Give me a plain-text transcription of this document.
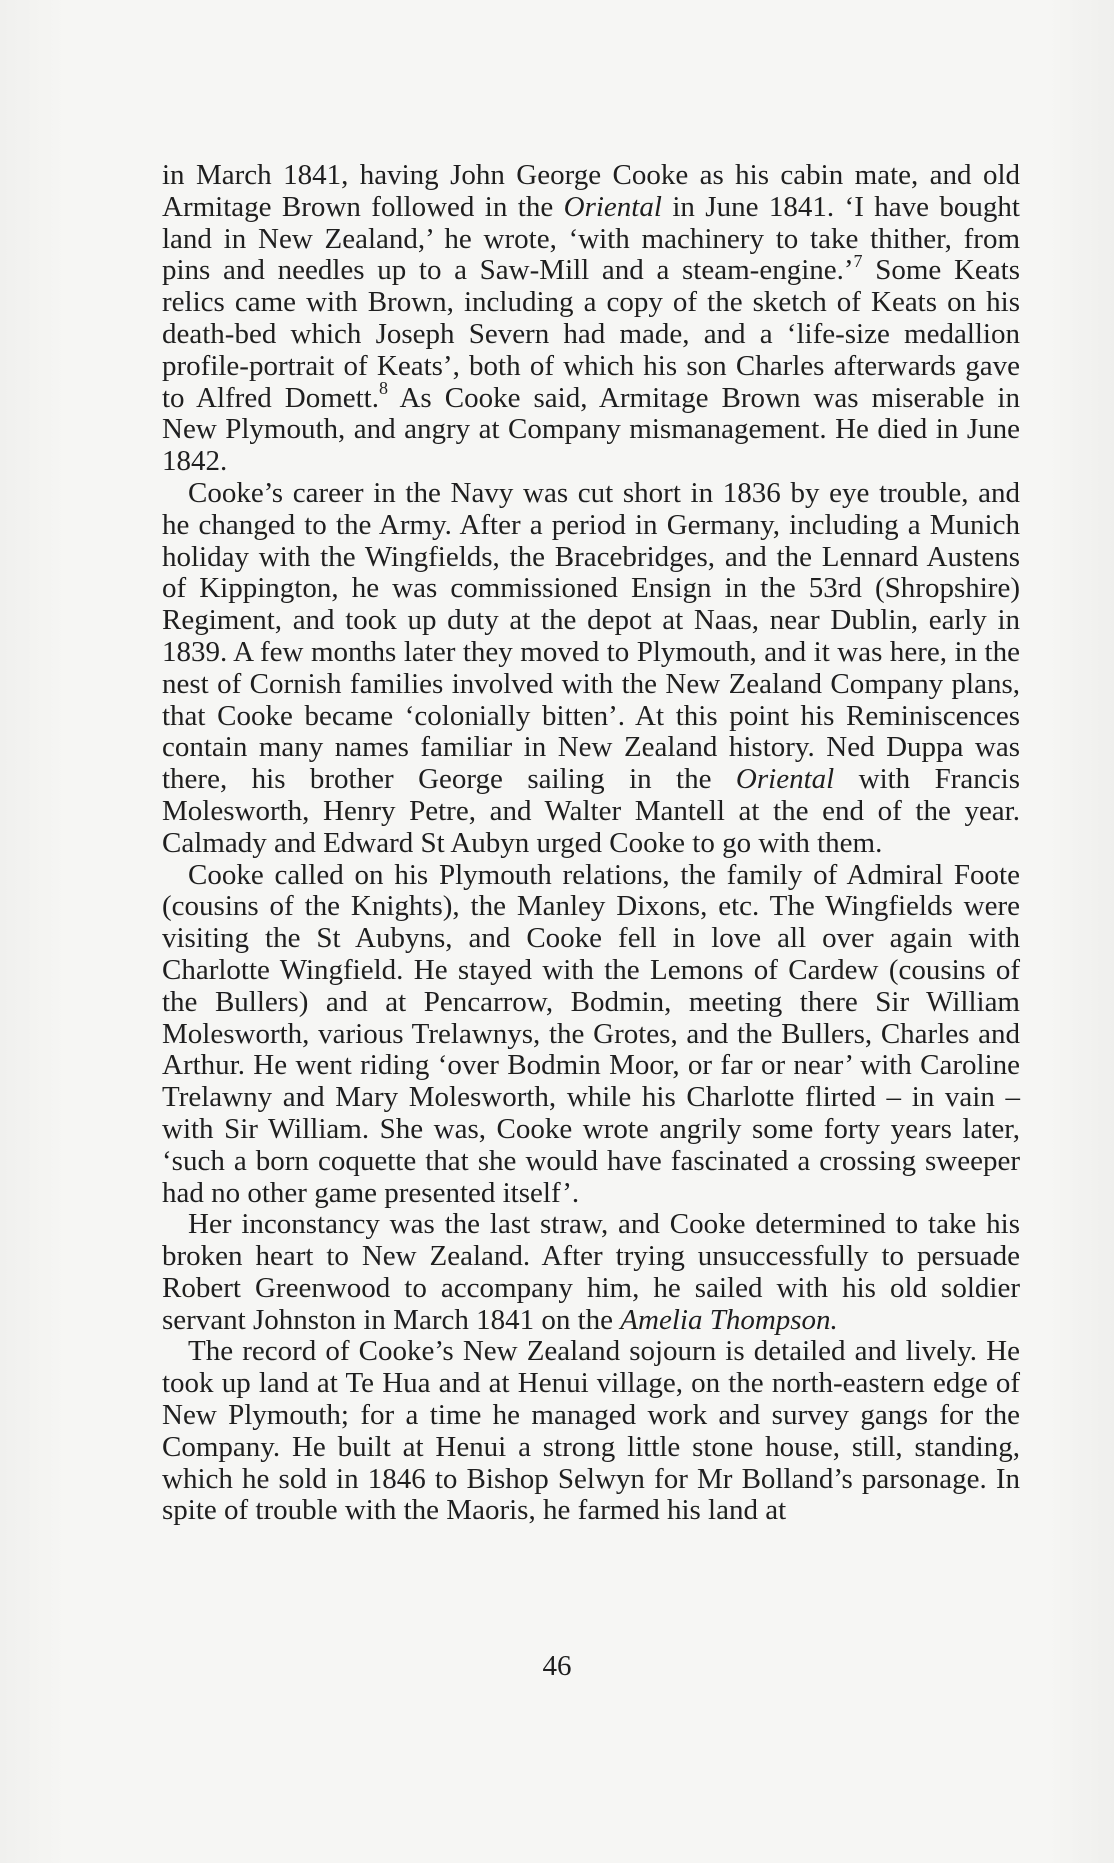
in March 1841, having John George Cooke as his cabin mate, and old Armitage Brown followed in the Oriental in June 1841. ‘I have bought land in New Zealand,’ he wrote, ‘with machinery to take thither, from pins and needles up to a Saw-Mill and a steam-engine.’$^7$ Some Keats relics came with Brown, including a copy of the sketch of Keats on his death-bed which Joseph Severn had made, and a ‘life-size medallion profile-portrait of Keats’, both of which his son Charles afterwards gave to Alfred Domett.$^8$ As Cooke said, Armitage Brown was miserable in New Plymouth, and angry at Company mismanagement. He died in June 1842.

Cooke’s career in the Navy was cut short in 1836 by eye trouble, and he changed to the Army. After a period in Germany, including a Munich holiday with the Wingfields, the Bracebridges, and the Lennard Austens of Kippington, he was commissioned Ensign in the 53rd (Shropshire) Regiment, and took up duty at the depot at Naas, near Dublin, early in 1839. A few months later they moved to Plymouth, and it was here, in the nest of Cornish families involved with the New Zealand Company plans, that Cooke became ‘colonially bitten’. At this point his Reminiscences contain many names familiar in New Zealand history. Ned Duppa was there, his brother George sailing in the Oriental with Francis Molesworth, Henry Petre, and Walter Mantell at the end of the year. Calmady and Edward St Aubyn urged Cooke to go with them.

Cooke called on his Plymouth relations, the family of Admiral Foote (cousins of the Knights), the Manley Dixons, etc. The Wingfields were visiting the St Aubyns, and Cooke fell in love all over again with Charlotte Wingfield. He stayed with the Lemons of Cardew (cousins of the Bullers) and at Pencarrow, Bodmin, meeting there Sir William Molesworth, various Trelawnys, the Grotes, and the Bullers, Charles and Arthur. He went riding ‘over Bodmin Moor, or far or near’ with Caroline Trelawny and Mary Molesworth, while his Charlotte flirted – in vain – with Sir William. She was, Cooke wrote angrily some forty years later, ‘such a born coquette that she would have fascinated a crossing sweeper had no other game presented itself’.

Her inconstancy was the last straw, and Cooke determined to take his broken heart to New Zealand. After trying unsuccessfully to persuade Robert Greenwood to accompany him, he sailed with his old soldier servant Johnston in March 1841 on the Amelia Thompson.

The record of Cooke’s New Zealand sojourn is detailed and lively. He took up land at Te Hua and at Henui village, on the north-eastern edge of New Plymouth; for a time he managed work and survey gangs for the Company. He built at Henui a strong little stone house, still, standing, which he sold in 1846 to Bishop Selwyn for Mr Bolland’s parsonage. In spite of trouble with the Maoris, he farmed his land at

46
